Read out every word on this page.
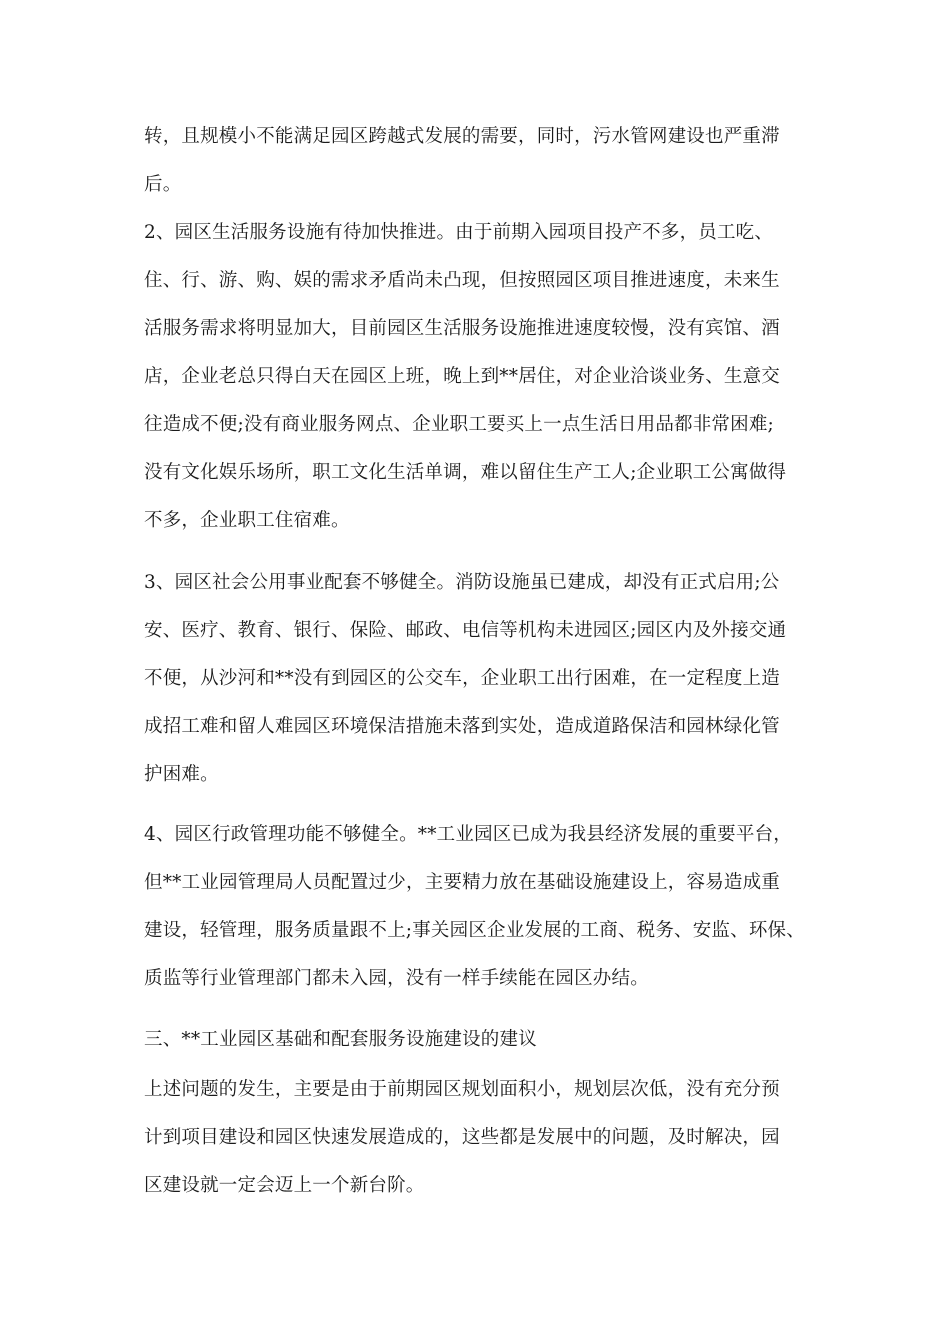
转，且规模小不能满足园区跨越式发展的需要，同时，污水管网建设也严重滞
后。
2、园区生活服务设施有待加快推进。由于前期入园项目投产不多，员工吃、
住、行、游、购、娱的需求矛盾尚未凸现，但按照园区项目推进速度，未来生
活服务需求将明显加大，目前园区生活服务设施推进速度较慢，没有宾馆、酒
店，企业老总只得白天在园区上班，晚上到**居住，对企业洽谈业务、生意交
往造成不便;没有商业服务网点、企业职工要买上一点生活日用品都非常困难;
没有文化娱乐场所，职工文化生活单调，难以留住生产工人;企业职工公寓做得
不多，企业职工住宿难。
3、园区社会公用事业配套不够健全。消防设施虽已建成，却没有正式启用;公
安、医疗、教育、银行、保险、邮政、电信等机构未进园区;园区内及外接交通
不便，从沙河和**没有到园区的公交车，企业职工出行困难，在一定程度上造
成招工难和留人难园区环境保洁措施未落到实处，造成道路保洁和园林绿化管
护困难。
4、园区行政管理功能不够健全。**工业园区已成为我县经济发展的重要平台，
但**工业园管理局人员配置过少，主要精力放在基础设施建设上，容易造成重
建设，轻管理，服务质量跟不上;事关园区企业发展的工商、税务、安监、环保、
质监等行业管理部门都未入园，没有一样手续能在园区办结。
三、**工业园区基础和配套服务设施建设的建议
上述问题的发生，主要是由于前期园区规划面积小，规划层次低，没有充分预
计到项目建设和园区快速发展造成的，这些都是发展中的问题，及时解决，园
区建设就一定会迈上一个新台阶。
